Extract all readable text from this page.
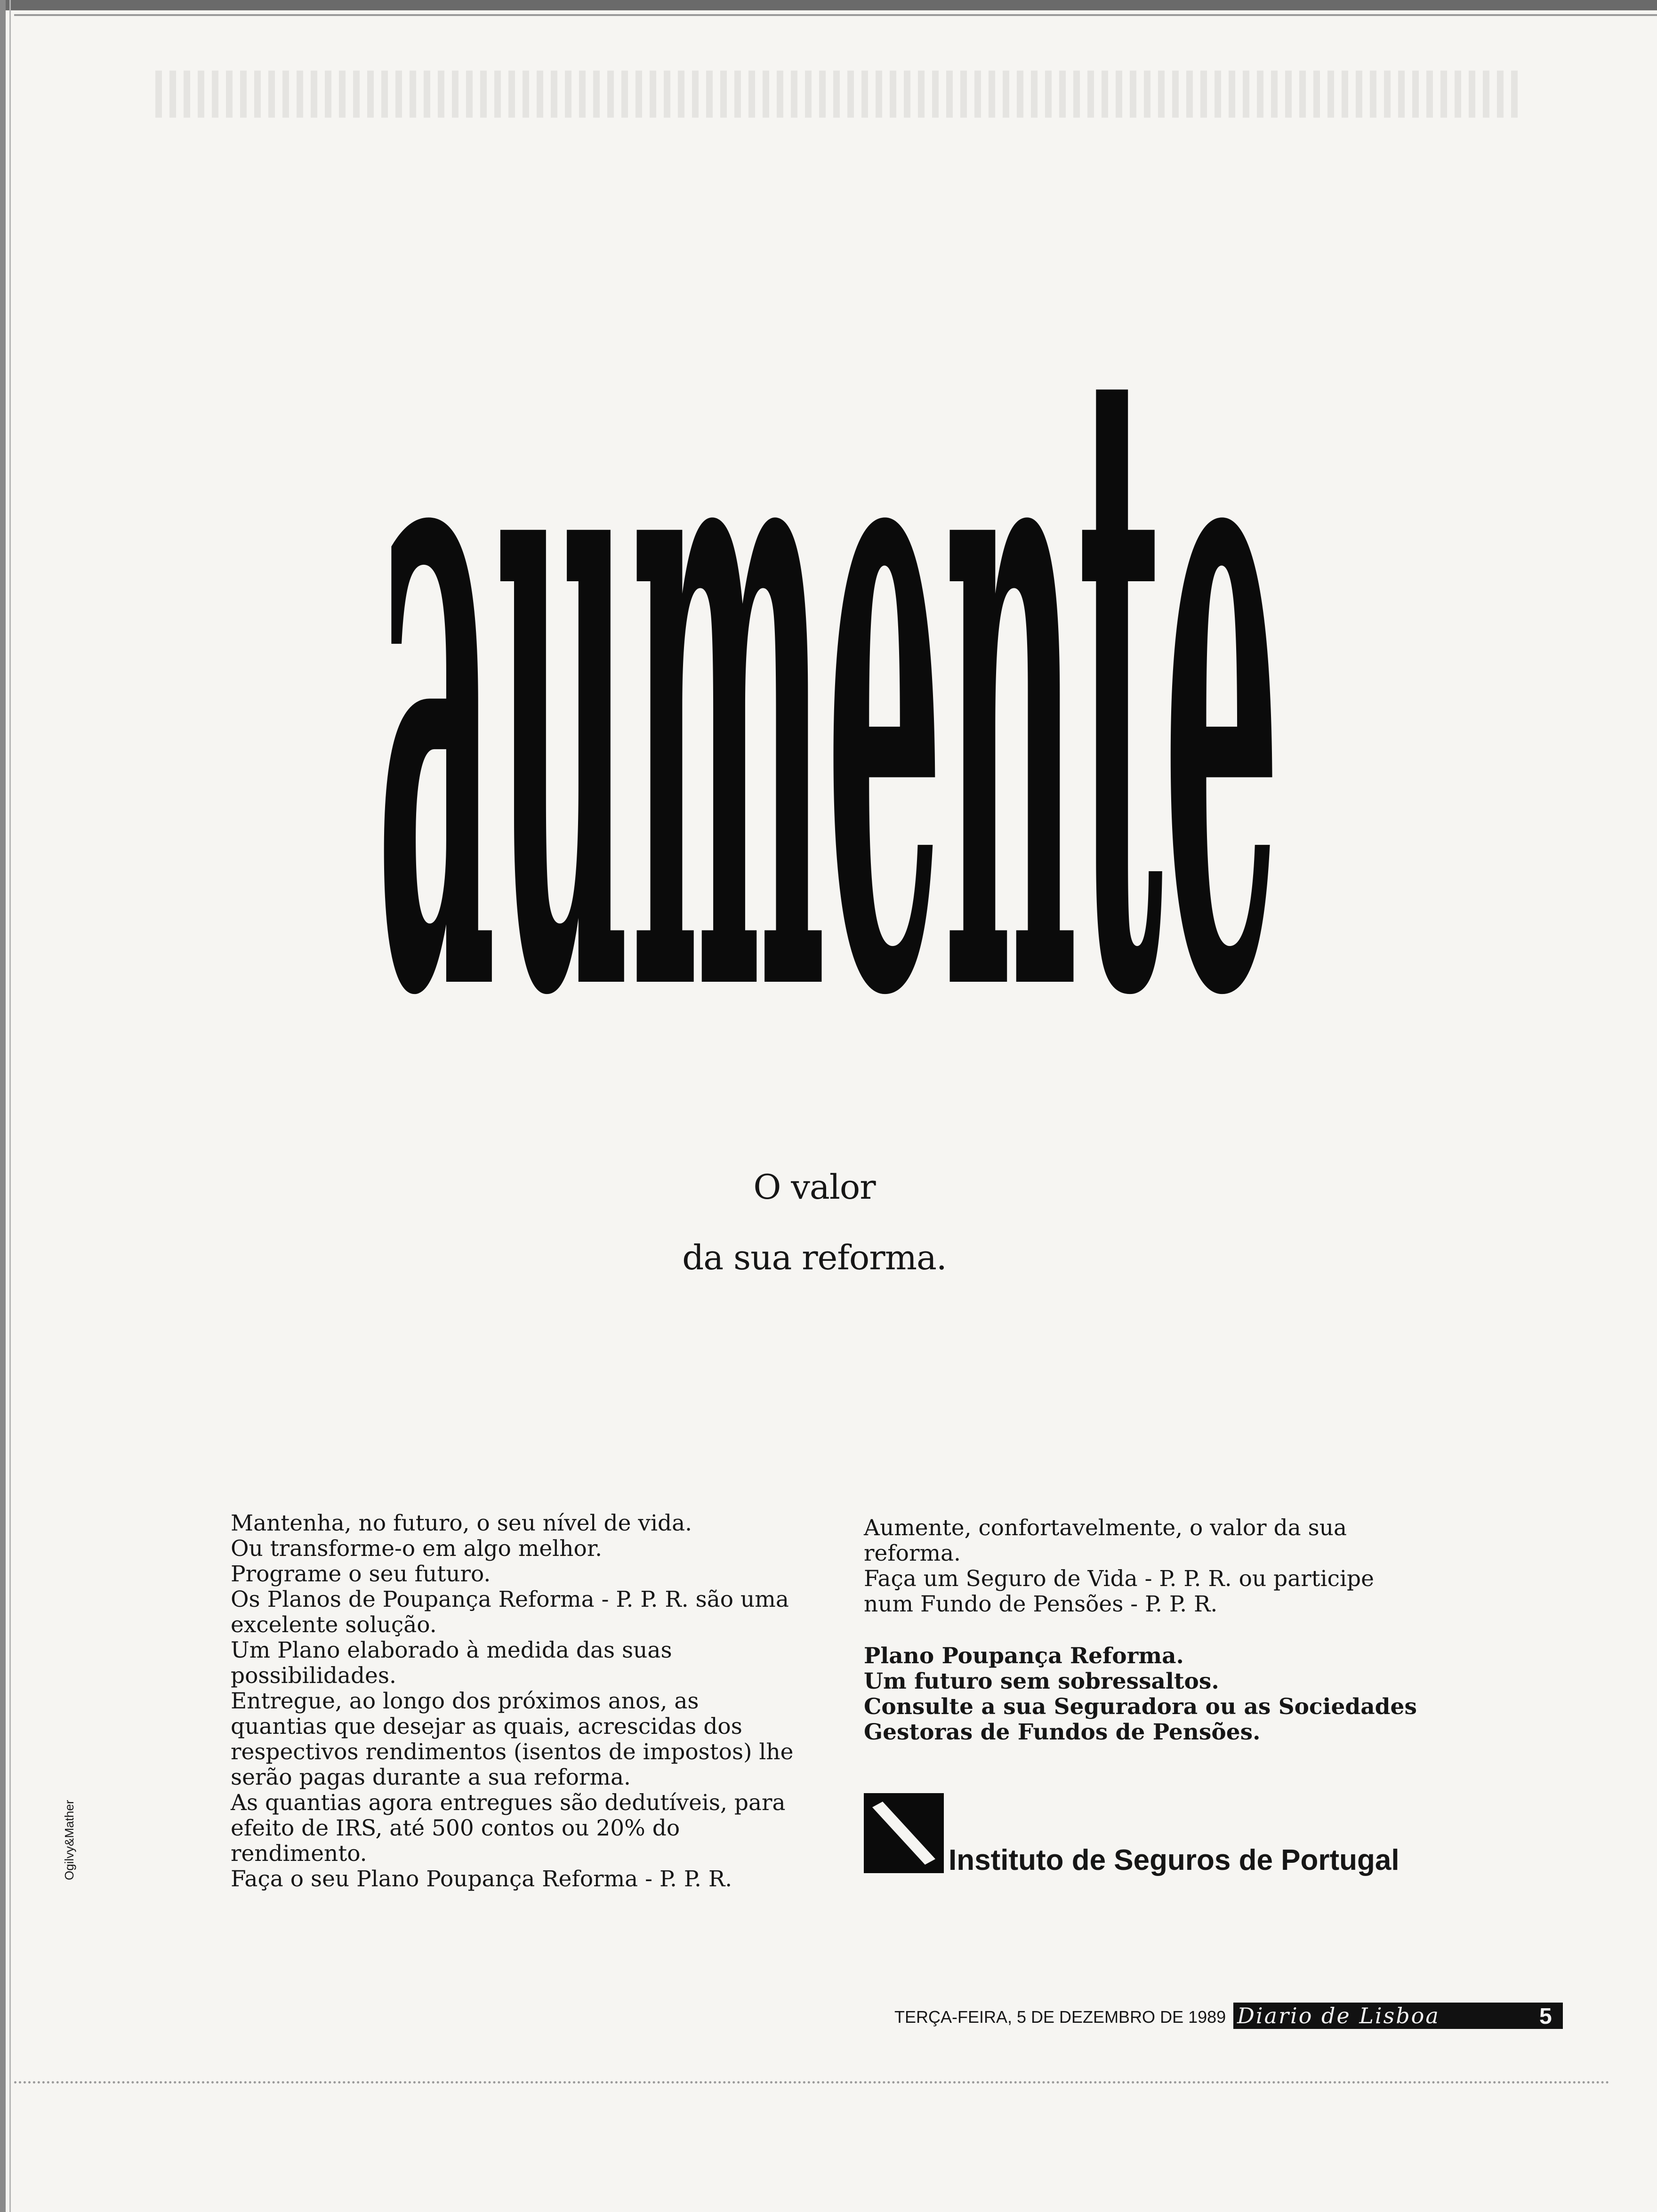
aumente
O valor
da sua reforma.
Mantenha, no futuro, o seu nível de vida.
Ou transforme-o em algo melhor.
Programe o seu futuro.
Os Planos de Poupança Reforma - P. P. R. são uma excelente solução.
Um Plano elaborado à medida das suas possibilidades.
Entregue, ao longo dos próximos anos, as quantias que desejar as quais, acrescidas dos respectivos rendimentos (isentos de impostos) lhe serão pagas durante a sua reforma.
As quantias agora entregues são dedutíveis, para efeito de IRS, até 500 contos ou 20% do rendimento.
Faça o seu Plano Poupança Reforma - P. P. R.

Aumente, confortavelmente, o valor da sua reforma.

Faça um Seguro de Vida - P. P. R. ou participe num Fundo de Pensões - P. P. R.

Plano Poupança Reforma.

Um futuro sem sobressaltos.

Consulte a sua Seguradora ou as Sociedades Gestoras de Fundos de Pensões.

Instituto de Seguros de Portugal
Ogilvy&Mather
TERÇA-FEIRA, 5 DE DEZEMBRO DE 1989 Diario de Lisboa	5
